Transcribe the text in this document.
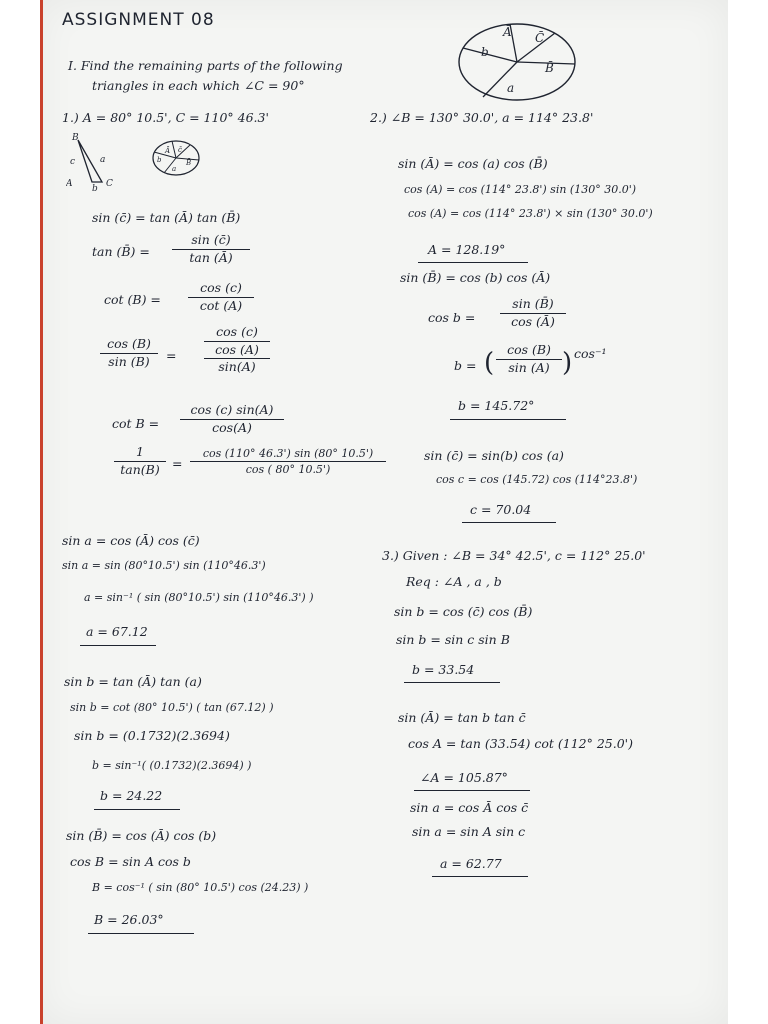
ASSIGNMENT 08
I. Find the remaining parts of the following
triangles in each which ∠C = 90°
Ā C̄
b
B̄
a
1.) A = 80° 10.5', C = 110° 46.3'
B
c	a
A b C
Ā c̄
b	B̄
a
sin (c̄) = tan (Ā) tan (B̄)
tan (B̄) =
sin (c̄)
tan (Ā)
cot (B) =
cos (c)
cot (A)
cos (B)
sin (B)	=
cos (c)
cos (A)
sin(A)
cot B =
cos (c) sin(A)
cos(A)
1
tan(B) =
cos (110° 46.3') sin (80° 10.5')
cos ( 80° 10.5')
sin a = cos (Ā) cos (c̄)
sin a = sin (80°10.5') sin (110°46.3')
a = sin⁻¹ ( sin (80°10.5') sin (110°46.3') )
a = 67.12
sin b = tan (Ā) tan (a)
sin b = cot (80° 10.5') ( tan (67.12) )
sin b = (0.1732)(2.3694)
b = sin⁻¹( (0.1732)(2.3694) )
b = 24.22
sin (B̄) = cos (Ā) cos (b)
cos B = sin A cos b
B = cos⁻¹ ( sin (80° 10.5') cos (24.23) )
B = 26.03°
2.) ∠B = 130° 30.0', a = 114° 23.8'
sin (Ā) = cos (a) cos (B̄)
cos (A) = cos (114° 23.8') sin (130° 30.0')
cos (A) = cos (114° 23.8') × sin (130° 30.0')
A = 128.19°
sin (B̄) = cos (b) cos (Ā)
cos b =
sin (B̄)
cos (Ā)
b = (	cos (B)
sin (A) ) cos⁻¹
b = 145.72°
sin (c̄) = sin(b) cos (a)
cos c = cos (145.72) cos (114°23.8')
c = 70.04
3.) Given : ∠B = 34° 42.5', c = 112° 25.0'
Req : ∠A , a , b
sin b = cos (c̄) cos (B̄)
sin b = sin c sin B
b = 33.54
sin (Ā) = tan b tan c̄
cos A = tan (33.54) cot (112° 25.0')
∠A = 105.87°
sin a = cos Ā cos c̄
sin a = sin A sin c
a = 62.77
